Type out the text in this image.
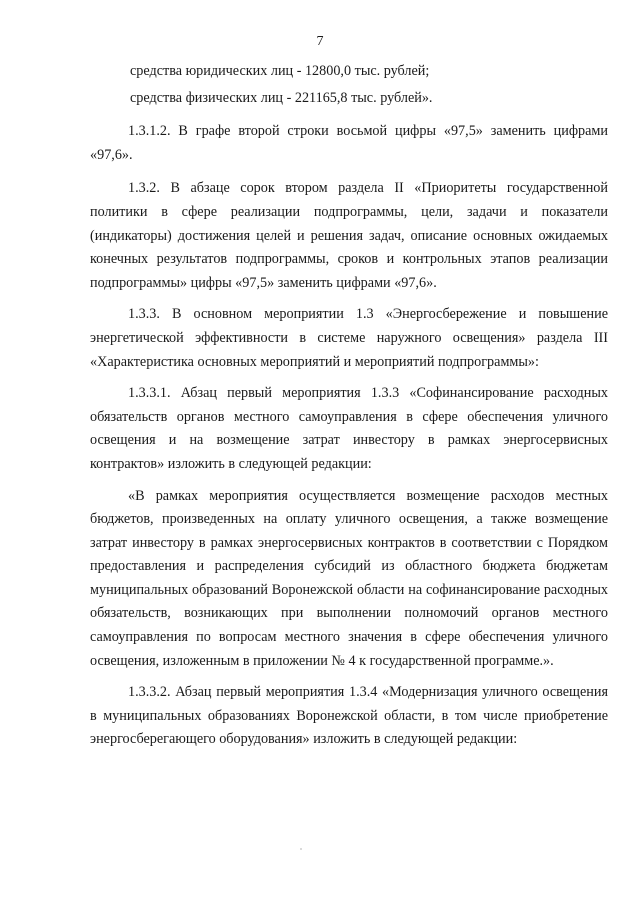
7

средства юридических лиц - 12800,0 тыс. рублей;

средства физических лиц - 221165,8 тыс. рублей».

1.3.1.2. В графе второй строки восьмой цифры «97,5» заменить цифрами «97,6».

1.3.2. В абзаце сорок втором раздела II «Приоритеты государственной политики в сфере реализации подпрограммы, цели, задачи и показатели (индикаторы) достижения целей и решения задач, описание основных ожидаемых конечных результатов подпрограммы, сроков и контрольных этапов реализации подпрограммы» цифры «97,5» заменить цифрами «97,6».

1.3.3. В основном мероприятии 1.3 «Энергосбережение и повышение энергетической эффективности в системе наружного освещения» раздела III «Характеристика основных мероприятий и мероприятий подпрограммы»:

1.3.3.1. Абзац первый мероприятия 1.3.3 «Софинансирование расходных обязательств органов местного самоуправления в сфере обеспечения уличного освещения и на возмещение затрат инвестору в рамках энергосервисных контрактов» изложить в следующей редакции:

«В рамках мероприятия осуществляется возмещение расходов местных бюджетов, произведенных на оплату уличного освещения, а также возмещение затрат инвестору в рамках энергосервисных контрактов в соответствии с Порядком предоставления и распределения субсидий из областного бюджета бюджетам муниципальных образований Воронежской области на софинансирование расходных обязательств, возникающих при выполнении полномочий органов местного самоуправления по вопросам местного значения в сфере обеспечения уличного освещения, изложенным в приложении № 4 к государственной программе.».

1.3.3.2. Абзац первый мероприятия 1.3.4 «Модернизация уличного освещения в муниципальных образованиях Воронежской области, в том числе приобретение энергосберегающего оборудования» изложить в следующей редакции:
